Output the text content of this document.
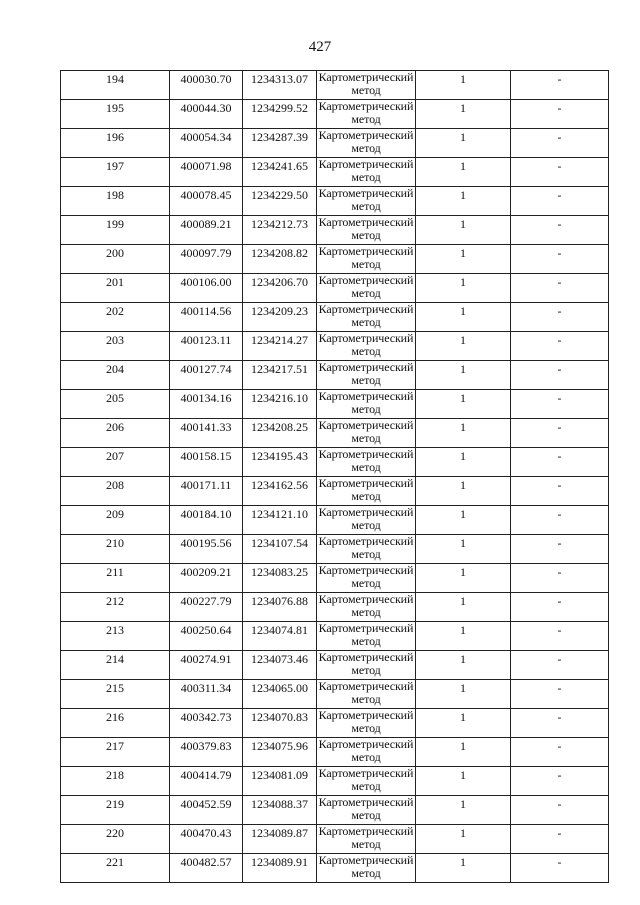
427
194	400030.70	1234313.07	Картометрический метод	1	-
195	400044.30	1234299.52	Картометрический метод	1	-
196	400054.34	1234287.39	Картометрический метод	1	-
197	400071.98	1234241.65	Картометрический метод	1	-
198	400078.45	1234229.50	Картометрический метод	1	-
199	400089.21	1234212.73	Картометрический метод	1	-
200	400097.79	1234208.82	Картометрический метод	1	-
201	400106.00	1234206.70	Картометрический метод	1	-
202	400114.56	1234209.23	Картометрический метод	1	-
203	400123.11	1234214.27	Картометрический метод	1	-
204	400127.74	1234217.51	Картометрический метод	1	-
205	400134.16	1234216.10	Картометрический метод	1	-
206	400141.33	1234208.25	Картометрический метод	1	-
207	400158.15	1234195.43	Картометрический метод	1	-
208	400171.11	1234162.56	Картометрический метод	1	-
209	400184.10	1234121.10	Картометрический метод	1	-
210	400195.56	1234107.54	Картометрический метод	1	-
211	400209.21	1234083.25	Картометрический метод	1	-
212	400227.79	1234076.88	Картометрический метод	1	-
213	400250.64	1234074.81	Картометрический метод	1	-
214	400274.91	1234073.46	Картометрический метод	1	-
215	400311.34	1234065.00	Картометрический метод	1	-
216	400342.73	1234070.83	Картометрический метод	1	-
217	400379.83	1234075.96	Картометрический метод	1	-
218	400414.79	1234081.09	Картометрический метод	1	-
219	400452.59	1234088.37	Картометрический метод	1	-
220	400470.43	1234089.87	Картометрический метод	1	-
221	400482.57	1234089.91	Картометрический метод	1	-
